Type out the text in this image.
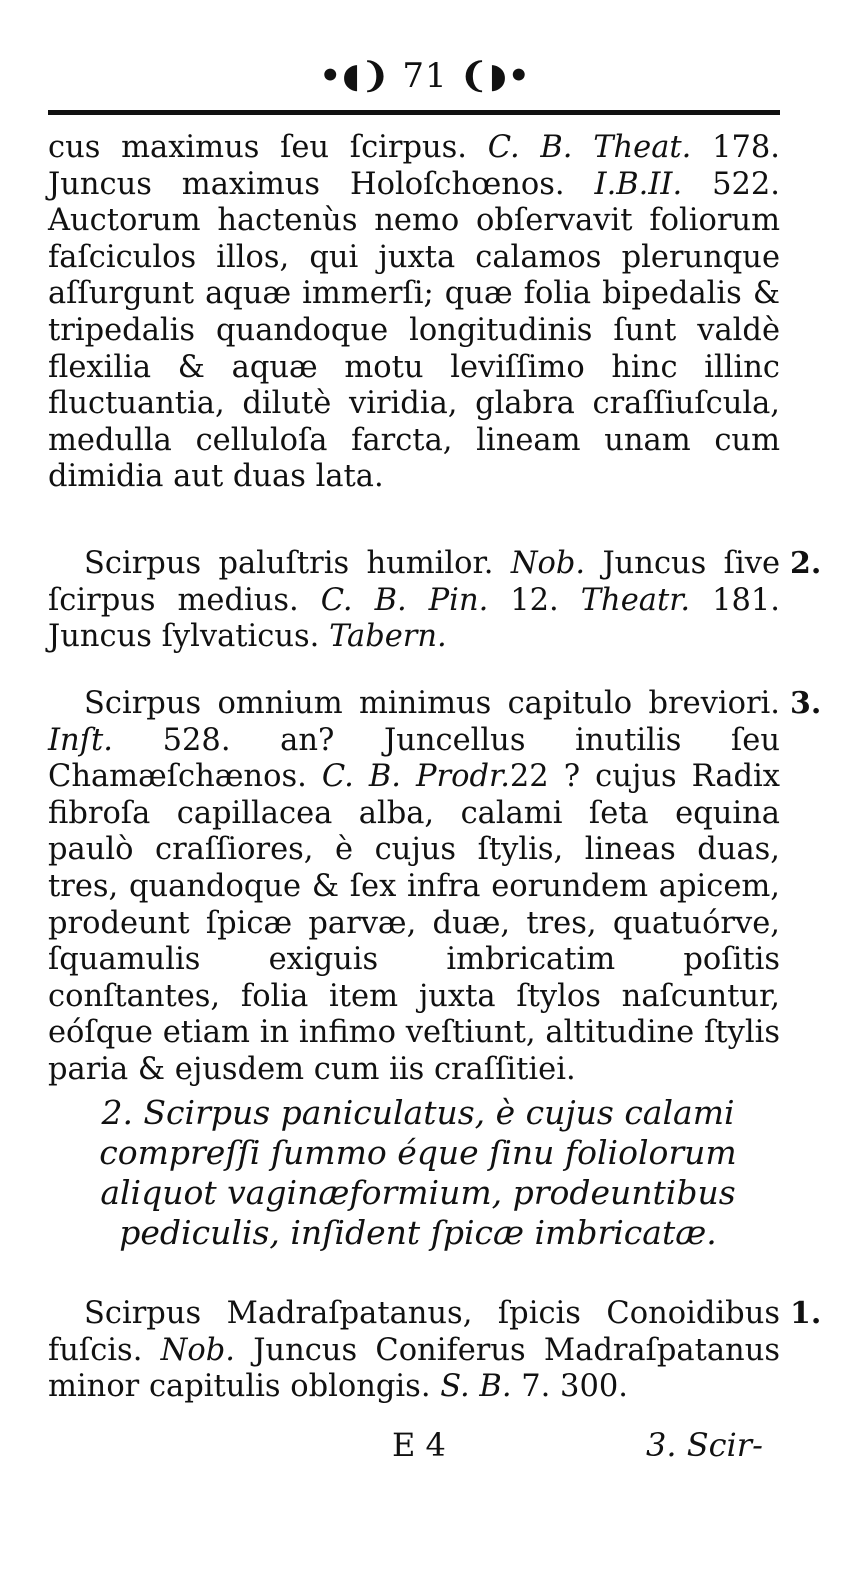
•◖❩ 71 ❨◗•
cus maximus ſeu ſcirpus. C. B. Theat. 178. Juncus maximus Holoſchœnos. I.B.II. 522. Auctorum hactenùs nemo obſervavit foliorum faſciculos illos, qui juxta calamos plerunque aſſurgunt aquæ immerſi; quæ folia bipedalis & tripedalis quandoque longitudinis ſunt valdè flexilia & aquæ motu leviſſimo hinc illinc fluctuantia, dilutè viridia, glabra craſſiuſcula, medulla celluloſa farcta, lineam unam cum dimidia aut duas lata.
Scirpus paluſtris humilor. Nob. Juncus ſive ſcirpus medius. C. B. Pin. 12. Theatr. 181. Juncus ſylvaticus. Tabern.
2.
Scirpus omnium minimus capitulo breviori. Inſt. 528. an? Juncellus inutilis ſeu Chamæſchænos. C. B. Prodr.22 ? cujus Radix fibroſa capillacea alba, calami ſeta equina paulò craſſiores, è cujus ſtylis, lineas duas, tres, quandoque & ſex infra eorundem apicem, prodeunt ſpicæ parvæ, duæ, tres, quatuórve, ſquamulis exiguis imbricatim poſitis conſtantes, folia item juxta ſtylos naſcuntur, eóſque etiam in infimo veſtiunt, altitudine ſtylis paria & ejusdem cum iis craſſitiei.
3.
2. Scirpus paniculatus, è cujus calami compreſſi ſummo éque ſinu foliolorum aliquot vaginæformium, prodeuntibus pediculis, inſident ſpicæ imbricatæ.
Scirpus Madraſpatanus, ſpicis Conoidibus fuſcis. Nob. Juncus Coniferus Madraſpatanus minor capitulis oblongis. S. B. 7. 300.
1.
E 4	3. Scir-
